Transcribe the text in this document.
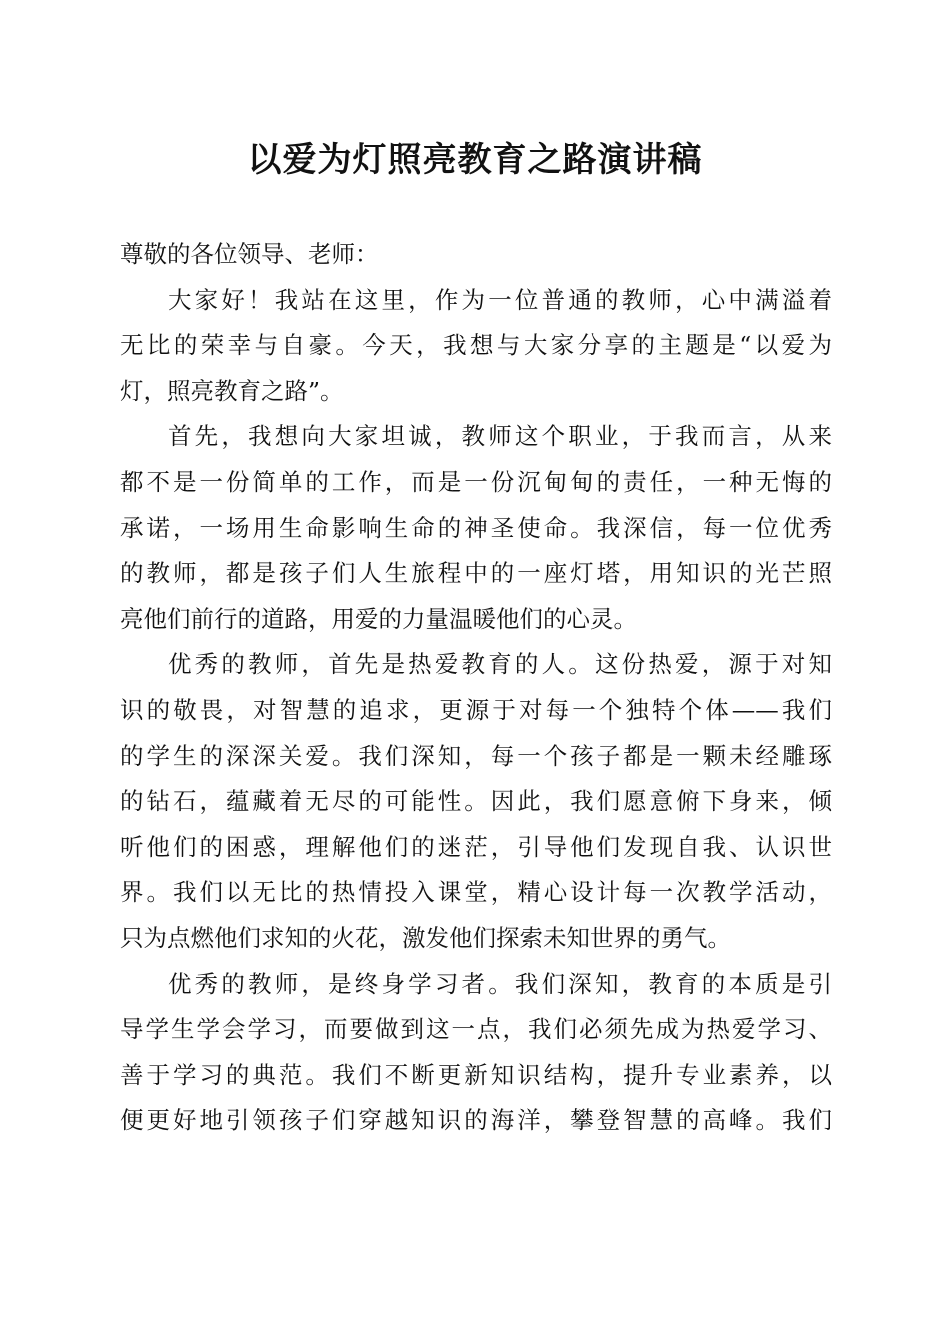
以爱为灯照亮教育之路演讲稿
尊敬的各位领导、老师：
大家好！我站在这里，作为一位普通的教师，心中满溢着
无比的荣幸与自豪。今天，我想与大家分享的主题是“以爱为
灯，照亮教育之路”。
首先，我想向大家坦诚，教师这个职业，于我而言，从来
都不是一份简单的工作，而是一份沉甸甸的责任，一种无悔的
承诺，一场用生命影响生命的神圣使命。我深信，每一位优秀
的教师，都是孩子们人生旅程中的一座灯塔，用知识的光芒照
亮他们前行的道路，用爱的力量温暖他们的心灵。
优秀的教师，首先是热爱教育的人。这份热爱，源于对知
识的敬畏，对智慧的追求，更源于对每一个独特个体——我们
的学生的深深关爱。我们深知，每一个孩子都是一颗未经雕琢
的钻石，蕴藏着无尽的可能性。因此，我们愿意俯下身来，倾
听他们的困惑，理解他们的迷茫，引导他们发现自我、认识世
界。我们以无比的热情投入课堂，精心设计每一次教学活动，
只为点燃他们求知的火花，激发他们探索未知世界的勇气。
优秀的教师，是终身学习者。我们深知，教育的本质是引
导学生学会学习，而要做到这一点，我们必须先成为热爱学习、
善于学习的典范。我们不断更新知识结构，提升专业素养，以
便更好地引领孩子们穿越知识的海洋，攀登智慧的高峰。我们
